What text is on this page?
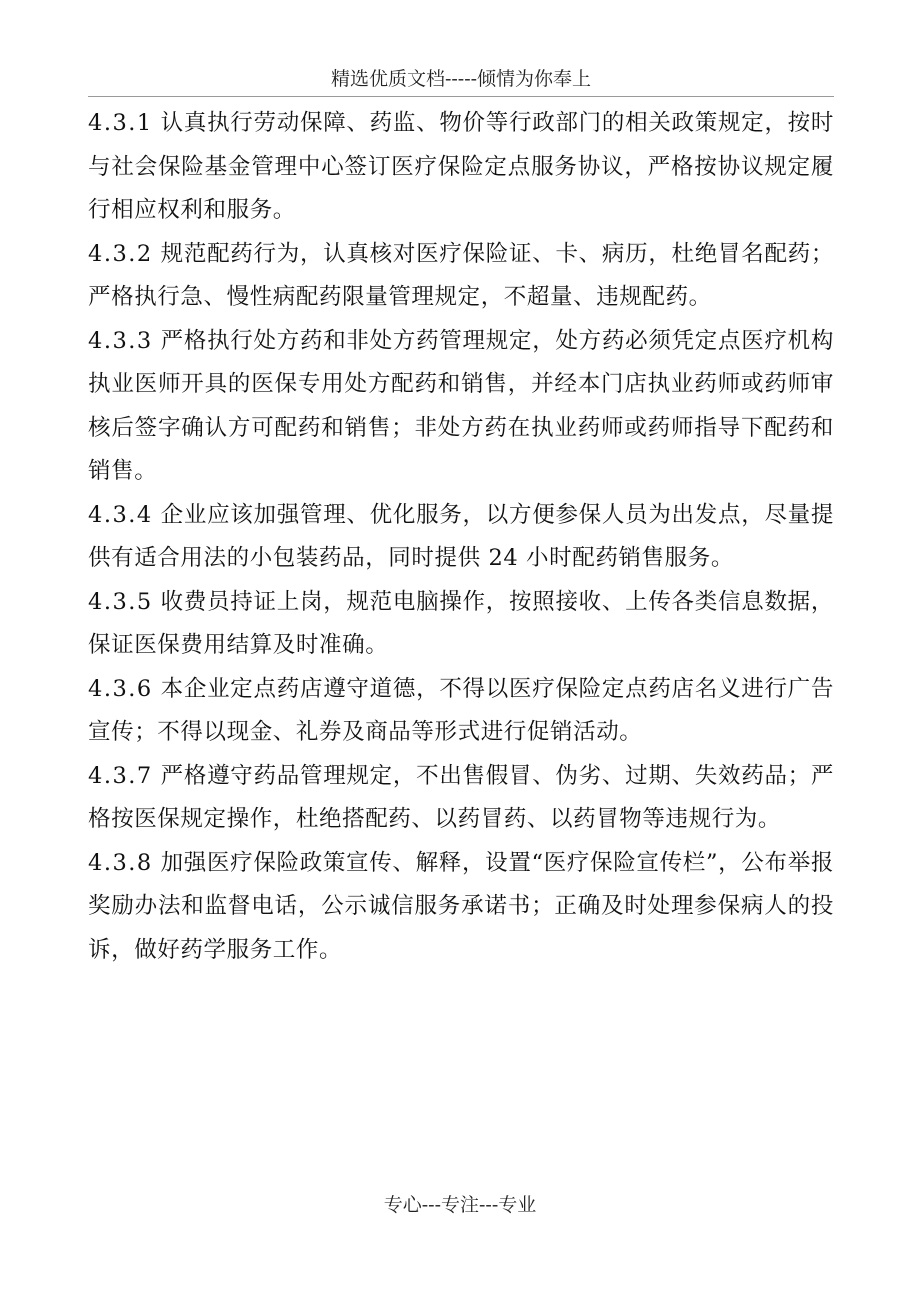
精选优质文档-----倾情为你奉上

4.3.1 认真执行劳动保障、药监、物价等行政部门的相关政策规定，按时与社会保险基金管理中心签订医疗保险定点服务协议，严格按协议规定履行相应权利和服务。

4.3.2 规范配药行为，认真核对医疗保险证、卡、病历，杜绝冒名配药；严格执行急、慢性病配药限量管理规定，不超量、违规配药。

4.3.3 严格执行处方药和非处方药管理规定，处方药必须凭定点医疗机构执业医师开具的医保专用处方配药和销售，并经本门店执业药师或药师审核后签字确认方可配药和销售；非处方药在执业药师或药师指导下配药和销售。

4.3.4 企业应该加强管理、优化服务，以方便参保人员为出发点，尽量提供有适合用法的小包装药品，同时提供 24 小时配药销售服务。

4.3.5 收费员持证上岗，规范电脑操作，按照接收、上传各类信息数据，保证医保费用结算及时准确。

4.3.6 本企业定点药店遵守道德，不得以医疗保险定点药店名义进行广告宣传；不得以现金、礼券及商品等形式进行促销活动。

4.3.7 严格遵守药品管理规定，不出售假冒、伪劣、过期、失效药品；严格按医保规定操作，杜绝搭配药、以药冒药、以药冒物等违规行为。

4.3.8 加强医疗保险政策宣传、解释，设置“医疗保险宣传栏”，公布举报奖励办法和监督电话，公示诚信服务承诺书；正确及时处理参保病人的投诉，做好药学服务工作。

专心---专注---专业
